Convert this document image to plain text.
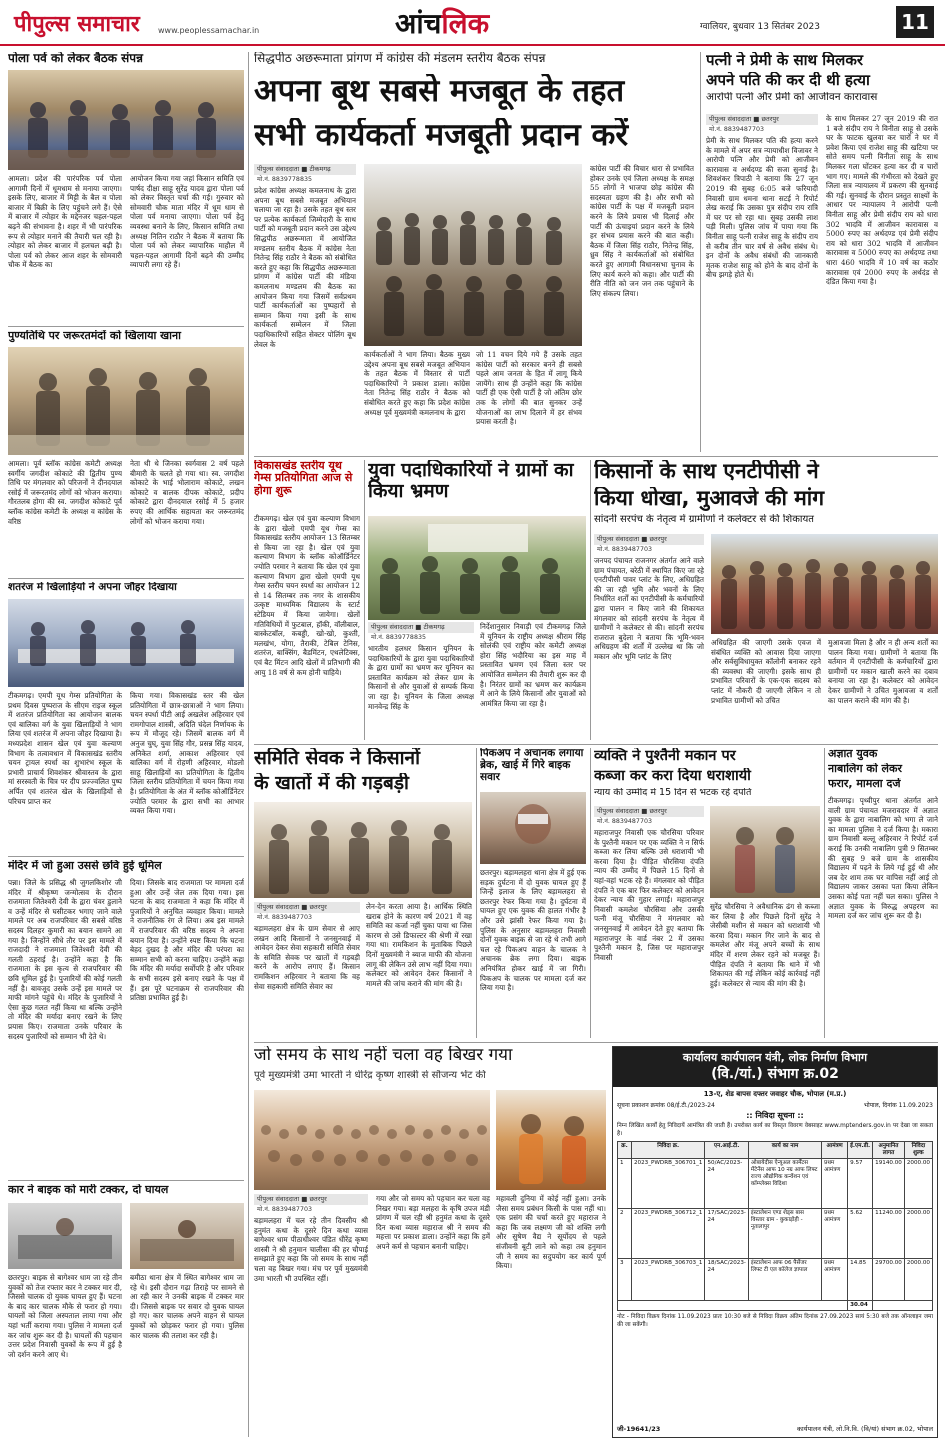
पीपुल्स समाचार www.peoplessamachar.in	आंचलिक	ग्वालियर, बुधवार 13 सितंबर 2023	11
पोला पर्व को लेकर बैठक संपन्न
आमला। प्रदेश की पारंपरिक पर्व पोला आगामी दिनों में धूमधाम से मनाया जाएगा। इसके लिए, बाजार में मिट्टी के बैल व पोला बाजार में बिक्री के लिए पहुंचने लगे हैं। ऐसे में बाजार में त्योहार के मद्देनजर चहल-पहल बढ़ने की संभावना है। शहर में भी पारंपरिक रूप से त्योहार मनाने की तैयारी चल रही है। त्योहार को लेकर बाजार में हलचल बढ़ी है। पोला पर्व को लेकर आज शहर के सोमवारी चौक में बैठक का
आयोजन किया गया जहां किसान समिति एवं पार्षद दीक्षा साहू सुरेंद्र यादव द्वारा पोला पर्व को लेकर विस्तृत चर्चा की गई। गुरुवार को सोमवारी चौक माता मंदिर में धूम धाम से पोला पर्व मनाया जाएगा। पोला पर्व हेतु व्यवस्था बनाने के लिए, किसान समिति तथा अध्यक्ष नितिन राठौर ने बैठक में बताया कि पोला पर्व को लेकर व्यापारिक माहौल में चहल-पहल आगामी दिनों बढ़ने की उम्मीद व्यापारी लगा रहे हैं।
पुण्यतिथि पर जरूरतमंदों को खिलाया खाना
आमला। पूर्व ब्लॉक कांग्रेस कमेटी अध्यक्ष स्वर्गीय जगदीश कोकाटे की द्वितीय पुण्य तिथि पर मंगलवार को परिजनों ने दीनदयाल रसोई में जरूरतमंद लोगों को भोजन कराया। गौरतलब होगा की स्व. जगदीश कोकाटे पूर्व ब्लॉक कांग्रेस कमेटी के अध्यक्ष व कांग्रेस के वरिष्ठ
नेता थी थे जिनका स्वर्गवास 2 वर्ष पहले बीमारी के चलते हो गया था। स्व. जगदीश कोकाटे के भाई भोलाराम कोकाटे, लखन कोकाटे व बालक दीपक कोकाटे, प्रदीप कोकाटे द्वारा दीनदयाल रसोई में 5 हजार रुपए की आर्थिक सहायता कर जरूरतमंद लोगों को भोजन कराया गया।
शतरंज में खिलाड़ियों ने अपना जौहर दिखाया
टीकमगढ़। एमपी यूथ गेम्स प्रतियोगिता के प्रथम दिवस पुष्पराज के सीएम राइज स्कूल में शतरंज प्रतियोगिता का आयोजन बालक एवं बालिका वर्ग के युवा खिलाड़ियों ने भाग लिया एवं शतरंज में अपना जौहर दिखाया है। मध्यप्रदेश शासन खेल एवं युवा कल्याण विभाग के तत्वावधान में विकासखंड स्तरीय चयन ट्रायल स्पर्धा का शुभारंभ स्कूल के प्रभारी प्राचार्य शिवशंकर श्रीवास्तव के द्वारा मां सरस्वती के चित्र पर दीप प्रज्ज्वलित पुष्प अर्पित एवं शतरंज खेल के खिलाड़ियों से परिचय प्राप्त कर
किया गया। विकासखंड स्तर की खेल प्रतियोगिता में छात्र-छात्राओं ने भाग लिया। चयन स्पर्धा पीटी आई अखलेश अहिरवार एवं रामगोपाल शास्त्री, अदिति चंदेल निर्णायक के रूप में मौजूद रहे। जिसमें बालक वर्ग में अनुज चुघ्, युवा सिंह गौर, प्रसन्न सिंह यादव, अनिकेत शर्मा, आकाश अहिरवार एवं बालिका वर्ग में रोहणी अहिरवार, मोडलो साहू खिलाड़ियों का प्रतियोगिता के द्वितीय जिला स्तरीय प्रतियोगिता में चयन किया गया है। प्रतियोगिता के अंत में ब्लॉक कोऑर्डिनेटर ज्योति परमार के द्वारा सभी का आभार व्यक्त किया गया।
मंदिर में जो हुआ उससे छवि हुई धूमिल
पन्ना। जिले के प्रसिद्ध श्री जुगलकिशोर जी मंदिर में श्रीकृष्ण जन्मोत्सव के दौरान राजमाता जितेश्वरी देवी के द्वारा चंवर डुलाने व उन्हें मंदिर से घसीटकर भगाए जाने वाले मामले पर अब राजपरिवार की सबसे वरिष्ठ सदस्य दिलहर कुमारी का बयान सामने आ गया है। जिन्होंने सीधे तौर पर इस मामले में राजदादी ने राजमाता जितेश्वरी देवी की गलती ठहराई है। उन्होंने कहा है कि राजमाता के इस कृत्य से राजपरिवार की छवि धूमिल हुई है। पुजारियों की कोई गलती नहीं है। बावजूद उसके उन्हें इस मामले पर माफी मांगने पहुंचे थे। मंदिर के पुजारियों ने ऐसा कुछ गलत नहीं किया था बल्कि उन्होंने तो मंदिर की मर्यादा बनाए रखने के लिए प्रयास किए। राजमाता उनके परिवार के सदस्य पुजारियों को सम्मान भी देते थे।
दिया। जिसके बाद राजमाता पर मामला दर्ज हुआ और उन्हें जेल तक दिया गया। इस घटना के बाद राजमाता ने कहा कि मंदिर में पुजारियों ने अनुचित व्यवहार किया। मामले ने राजनीतिक रंग ले लिया। अब इस मामले में राजपरिवार की वरिष्ठ सदस्य ने अपना बयान दिया है। उन्होंने स्पष्ट किया कि घटना बेहद दुखद है और मंदिर की परंपरा का सम्मान सभी को करना चाहिए। उन्होंने कहा कि मंदिर की मर्यादा सर्वोपरि है और परिवार के सभी सदस्य इसे बनाए रखने के पक्ष में हैं। इस पूरे घटनाक्रम से राजपरिवार की प्रतिष्ठा प्रभावित हुई है।
कार ने बाइक को मारी टक्कर, दो घायल
छतरपुर। बाइक से बागेश्वर धाम जा रहे तीन युवकों को तेज रफ्तार कार ने टक्कर मार दी, जिससे चालक दो युवक घायल हुए हैं। घटना के बाद कार चालक मौके से फरार हो गया। घायलों को जिला अस्पताल लाया गया और यहां भर्ती कराया गया। पुलिस ने मामला दर्ज कर जांच शुरू कर दी है। घायलों की पहचान उत्तर प्रदेश निवासी युवकों के रूप में हुई है जो दर्शन करने आए थे।
बमीठा थाना क्षेत्र में स्थित बागेश्वर धाम जा रहे थे। इसी दौरान गढ़ा तिराहे पर सामने से आ रही कार ने उनकी बाइक में टक्कर मार दी। जिससे बाइक पर सवार दो युवक घायल हो गए। कार चालक अपने वाहन से घायल युवकों को छोड़कर फरार हो गया। पुलिस कार चालक की तलाश कर रही है।
सिद्धपीठ अछरूमाता प्रांगण में कांग्रेस की मंडलम स्तरीय बैठक संपन्न
अपना बूथ सबसे मजबूत के तहत
सभी कार्यकर्ता मजबूती प्रदान करें
पीपुल्स संवाददाता ■ टीकमगढ़
मो.नं. 8839778835
प्रदेश कांग्रेस अध्यक्ष कमलनाथ के द्वारा अपना बूथ सबसे मजबूत अभियान चलाया जा रहा है। उसके तहत बूथ स्तर पर प्रत्येक कार्यकर्ता जिम्मेदारी के साथ पार्टी को मजबूती प्रदान करने उस उद्देश्य सिद्धपीठ अछरूमाता में आयोजित मण्डलम स्तरीय बैठक में कांग्रेस नेता नितेन्द्र सिंह राठौर ने बैठक को संबोधित करते हुए कहा कि सिद्धपीठ अछरूमाता प्रांगण में कांग्रेस पार्टी की मंडिया कमलनाथ मण्डलम की बैठक का आयोजन किया गया जिसमें सर्वप्रथम पार्टी कार्यकर्ताओं का पुष्पहारों से सम्मान किया गया इसी के साथ कार्यकर्ता सम्मेलन में जिला पदाधिकारियों सहित सेक्टर पोलिंग बूथ लेवल के
कार्यकर्ताओं ने भाग लिया। बैठक मुख्य उद्देश्य अपना बूथ सबसे मजबूत अभियान के तहत बैठक में विस्तार से पार्टी पदाधिकारियों ने प्रकाश डाला। कांग्रेस नेता नितेन्द्र सिंह राठौर ने बैठक को संबोधित करते हुए कहा कि प्रदेश कांग्रेस अध्यक्ष पूर्व मुख्यमंत्री कमलनाथ के द्वारा
जो 11 वचन दिये गये हैं उसके तहत कांग्रेस पार्टी को सरकार बनने ही सबसे पहले आम जनता के हित में लागू किये जायेंगे। साथ ही उन्होंने कहा कि कांग्रेस पार्टी ही एक ऐसी पार्टी है जो अंतिम छोर तक के लोगों की बात सुनकर उन्हें योजनाओं का लाभ दिलाने में हर संभव प्रयास करती है।
कांग्रेस पार्टी की विचार धारा से प्रभावित होकर उनके एवं जिला अध्यक्ष के समक्ष 55 लोगों ने भाजपा छोड़ कांग्रेस की सदस्यता ग्रहण की है। और सभी को कांग्रेस पार्टी के पक्ष में मजबूती प्रदान करने के लिये प्रयास भी दिलाई और पार्टी की ऊंचाइयां प्रदान करने के लिये हर संभव प्रयास करने की बात कही। बैठक में जिला सिंह राठौर, नितेन्द्र सिंह, ध्रुव सिंह ने कार्यकर्ताओं को संबोधित करते हुए आगामी विधानसभा चुनाव के लिए कार्य करने को कहा। और पार्टी की रीति नीति को जन जन तक पहुंचाने के लिए संकल्प लिया।
पत्नी ने प्रेमी के साथ मिलकर
अपने पति की कर दी थी हत्या
आरोपी पत्नी और प्रेमी को आजीवन कारावास
पीपुल्स संवाददाता ■ छतरपुर
मो.नं. 8839487703
प्रेमी के साथ मिलकर पति की हत्या करने के मामले में अपर सत्र न्यायाधीश विजावर ने आरोपी पत्नि और प्रेमी को आजीवन कारावास व अर्थदण्ड की सजा सुनाई है। शिवशंकर त्रिपाठी ने बताया कि 27 जून 2019 की सुबह 6:05 बजे फरियादी निवासी ग्राम धमना थाना सटई ने रिपोर्ट लेख कराई कि उसका पुत्र संदीप राय रात्रि में घर पर सो रहा था। सुबह उसकी लाश पड़ी मिली। पुलिस जांच में पाया गया कि विनीता साहू पत्नी राजेश साहू के संदीप राय से करीब तीन चार वर्ष से अवैध संबंध थे। इन दोनों के अवैध संबंधों की जानकारी मृतक राजेश साहू को होने के बाद दोनों के बीच झगड़े होते थे।
के साथ मिलकर 27 जून 2019 की रात 1 बजे संदीप राय ने विनीता साहू से उसके घर के फाटक खुलवा कर चारों ने घर में प्रवेश किया एवं राजेश साहू की खटिया पर सोते समय पत्नी विनीता साहू के साथ मिलकर गला घोंटकर हत्या कर दी व चारों भाग गए। मामले की गंभीरता को देखते हुए जिला सत्र न्यायालय में प्रकरण की सुनवाई की गई। सुनवाई के दौरान प्रस्तुत साक्ष्यों के आधार पर न्यायालय ने आरोपी पत्नी विनीता साहू और प्रेमी संदीप राय को धारा 302 भादवि में आजीवन कारावास व 5000 रुपए का अर्थदण्ड एवं प्रेमी संदीप राय को धारा 302 भादवि में आजीवन कारावास व 5000 रुपए का अर्थदण्ड तथा धारा 460 भादवि में 10 वर्ष का कठोर कारावास एवं 2000 रुपए के अर्थदंड से दंडित किया गया है।
विकासखंड स्तरीय यूथ गेम्स प्रतियोगिता आज से होगा शुरू
टीकमगढ़। खेल एवं युवा कल्याण विभाग के द्वारा खेलो एमपी यूथ गेम्स का विकासखंड स्तरीय आयोजन 13 सितम्बर से किया जा रहा है। खेल एवं युवा कल्याण विभाग के ब्लॉक कोऑर्डिनेटर ज्योति परमार ने बताया कि खेल एवं युवा कल्याण विभाग द्वारा खेलो एमपी यूथ गेम्स स्तरीय चयन स्पर्धा का आयोजन 12 से 14 सितम्बर तक नगर के शासकीय उत्कृष्ट माध्यमिक विद्यालय के स्टार्ट स्टेडियम में किया जायेगा। खेलों गतिविधियों में फुटबाल, हॉकी, वॉलीबाल, बास्केटबॉल, कबड्डी, खो-खो, कुश्ती, मलखंभ, योगा, तैराकी, टेबिल टेनिस, शतरंज, बाक्सिंग, बैडमिंटन, एथलेटिक्स, एवं बैट मिंटन आदि खेलों में प्रतिभागी की आयु 18 वर्ष से कम होनी चाहिये।
युवा पदाधिकारियों ने ग्रामों का किया भ्रमण
पीपुल्स संवाददाता ■ टीकमगढ़
मो.नं. 8839778835
भारतीय हलधर किसान यूनियन के पदाधिकारियों के द्वारा युवा पदाधिकारियों के द्वारा ग्रामों का भ्रमण कर यूनियन का प्रस्तावित कार्यक्रम को लेकर ग्राम के किसानों से और युवाओं से सम्पर्क किया जा रहा है। यूनियन के जिला अध्यक्ष मानवेन्द्र सिंह के
निर्देशानुसार निवाड़ी एवं टीकमगढ़ जिले में यूनियन के राष्ट्रीय अध्यक्ष श्रीराम सिंह सोलंकी एवं राष्ट्रीय कोर कमेटी अध्यक्ष होरा सिंह भदौरिया का इस माह में प्रस्तावित भ्रमण एवं जिला स्तर पर आयोजित सम्मेलन की तैयारी शुरू कर दी है। निरंतर ग्रामों का भ्रमण कर कार्यक्रम में आने के लिये किसानों और युवाओं को आमंत्रित किया जा रहा है।
किसानों के साथ एनटीपीसी ने
किया धोखा, मुआवजे की मांग
सांदनी सरपंच के नेतृत्व में ग्रामीणों ने कलेक्टर से की शिकायत
पीपुल्स संवाददाता ■ छतरपुर
मो.नं. 8839487703
जनपद पंचायत राजनगर अंतर्गत आने वाले ग्राम पंचायत, बरेठी में स्थापित किए जा रहे एनटीपीसी पावर प्लांट के लिए, अधिग्रहित की जा रही भूमि और भवनों के लिए निर्धारित शर्तों का एनटीपीसी के कर्मचारियों द्वारा पालन न किए जाने की शिकायत मंगलवार को सांदनी सरपंच के नेतृत्व में ग्रामीणों ने कलेक्टर से की। सांदनी सरपंच राजराज बुदेला ने बताया कि भूमि-भवन अधिग्रहण की शर्तों में उल्लेख था कि जो मकान और भूमि प्लांट के लिए
अधिग्रहित की जाएगी उसके एवज में संबंधित व्यक्ति को आवास दिया जाएगा और सर्वसुविधायुक्त कॉलोनी बनाकर रहने की व्यवस्था की जाएगी। इसके साथ ही प्रभावित परिवारों के एक-एक सदस्य को प्लांट में नौकरी दी जाएगी लेकिन न तो प्रभावित ग्रामीणों को उचित
मुआवजा मिला है और न ही अन्य शर्तों का पालन किया गया। ग्रामीणों ने बताया कि वर्तमान में एनटीपीसी के कर्मचारियों द्वारा ग्रामीणों पर मकान खाली करने का दबाव बनाया जा रहा है। कलेक्टर को आवेदन देकर ग्रामीणों ने उचित मुआवजा व शर्तों का पालन कराने की मांग की है।
समिति सेवक ने किसानों
के खातों में की गड़बड़ी
पीपुल्स संवाददाता ■ छतरपुर
मो.नं. 8839487703
बड़ामलहरा क्षेत्र के ग्राम सेवार से आए लखन आदि किसानों ने जनसुनवाई में आवेदन देकर सेवा सहकारी समिति सेवार के समिति सेवक पर खातों में गड़बड़ी करने के आरोप लगाए हैं। किसान रामकिशन अहिरवार ने बताया कि वह सेवा सहकारी समिति सेवार का
लेन-देन करता आया है। आर्थिक स्थिति खराब होने के कारण वर्ष 2021 में वह समिति का कर्जा नहीं चुका पाया था जिस कारण से उसे डिफाल्टर की श्रेणी में रखा गया था। रामकिशन के मुताबिक पिछले दिनों मुख्यमंत्री ने ब्याज माफी की योजना लागू की लेकिन उसे लाभ नहीं दिया गया। कलेक्टर को आवेदन देकर किसानों ने मामले की जांच कराने की मांग की है।
पिकअप ने अचानक लगाया ब्रेक, खाई में गिरे बाइक सवार
छतरपुर। बड़ामलहरा थाना क्षेत्र में हुई एक सड़क दुर्घटना में दो युवक घायल हुए हैं जिन्हें इलाज के लिए बड़ामलहरा से छतरपुर रेफर किया गया है। दुर्घटना में घायल हुए एक युवक की हालत गंभीर है और उसे झांसी रेफर किया गया है। पुलिस के अनुसार बड़ामलहरा निवासी दोनों युवक बाइक से जा रहे थे तभी आगे चल रहे पिकअप वाहन के चालक ने अचानक ब्रेक लगा दिया। बाइक अनियंत्रित होकर खाई में जा गिरी। पिकअप के चालक पर मामला दर्ज कर लिया गया है।
व्यक्ति ने पुश्तैनी मकान पर
कब्जा कर करा दिया धराशायी
न्याय की उम्मीद में 15 दिन से भटक रहे दंपति
पीपुल्स संवाददाता ■ छतरपुर
मो.नं. 8839487703
महाराजपुर निवासी एक चौरसिया परिवार के पुश्तैनी मकान पर एक व्यक्ति ने न सिर्फ कब्जा कर लिया बल्कि उसे धराशायी भी करवा दिया है। पीड़ित चौरसिया दंपति न्याय की उम्मीद में पिछले 15 दिनों से यहां-वहां भटक रहे हैं। मंगलवार को पीड़ित दंपति ने एक बार फिर कलेक्टर को आवेदन देकर न्याय की गुहार लगाई। महाराजपुर निवासी कमलेश चौरसिया और उसकी पत्नी मंजू चौरसिया ने मंगलवार को जनसुनवाई में आवेदन देते हुए बताया कि महाराजपुर के वार्ड नंबर 2 में उसका पुश्तैनी मकान है, जिस पर महाराजपुर निवासी
सुरेंद्र चौरसिया ने अवैधानिक ढंग से कब्जा कर लिया है और पिछले दिनों सुरेंद्र ने जेसीबी मशीन से मकान को धराशायी भी करवा दिया। मकान गिर जाने के बाद से कमलेश और मंजू अपने बच्चों के साथ मंदिर में शरण लेकर रहने को मजबूर हैं। पीड़ित दंपति ने बताया कि थाने में भी शिकायत की गई लेकिन कोई कार्रवाई नहीं हुई। कलेक्टर से न्याय की मांग की है।
अज्ञात युवक
नाबालिग को लेकर
फरार, मामला दर्ज
टीकमगढ़। पृथ्वीपुर थाना अंतर्गत आने वाली ग्राम पंचायत मजरावदार में अज्ञात युवक के द्वारा नाबालिग को भगा ले जाने का मामला पुलिस ने दर्ज किया है। मकारा ग्राम निवासी बल्लू अहिरवार ने रिपोर्ट दर्ज कराई कि उनकी नाबालिग पुत्री 9 सितम्बर की सुबह 9 बजे ग्राम के शासकीय विद्यालय में पढ़ने के लिये गई हुई थी और जब देर शाम तक घर वापिस नहीं आई तो विद्यालय जाकर उसका पता किया लेकिन उसका कोई पता नहीं चल सका। पुलिस ने अज्ञात युवक के विरुद्ध अपहरण का मामला दर्ज कर जांच शुरू कर दी है।
जो समय के साथ नहीं चला वह बिखर गया
पूर्व मुख्यमंत्री उमा भारती ने धीरेंद्र कृष्ण शास्त्री से सौजन्य भेंट की
पीपुल्स संवाददाता ■ छतरपुर
मो.नं. 8839487703
बड़ामलहरा में चल रहे तीन दिवसीय श्री हनुमंत कथा के दूसरे दिन कथा व्यास बागेश्वर धाम पीठाधीश्वर पंडित धीरेंद्र कृष्ण शास्त्री ने श्री हनुमान चालीसा की हर चौपाई समझाते हुए कहा कि जो समय के साथ नहीं चला वह बिखर गया। मंच पर पूर्व मुख्यमंत्री उमा भारती भी उपस्थित रहीं।
गया और जो समय को पहचान कर चला वह निखर गया। बड़ा मलहरा के कृषि उपज मंडी प्रांगण में चल रही श्री हनुमंत कथा के दूसरे दिन कथा व्यास महाराज श्री ने समय की महत्ता पर प्रकाश डाला। उन्होंने कहा कि हमें अपने कर्म से पहचान बनानी चाहिए।
महावली दुनिया में कोई नहीं हुआ। उनके जैसा समय प्रबंधन किसी के पास नहीं था। एक प्रसंग की चर्चा करते हुए महाराज ने कहा कि जब लक्ष्मण जी को शक्ति लगी और सुषेण वैद्य ने सूर्योदय से पहले संजीवनी बूटी लाने को कहा तब हनुमान जी ने समय का सदुपयोग कर कार्य पूर्ण किया।
कार्यालय कार्यपालन यंत्री, लोक निर्माण विभाग
(वि./यां.) संभाग क्र.02
13-ए, शेड बापस दफ्तर जवाहर चौक, भोपाल (म.प्र.)
सूचना प्रकाशन क्रमांक 08/ई.टी./2023-24	भोपाल, दिनांक 11.09.2023
:: निविदा सूचना ::
निम्न लिखित कार्यों हेतु निविदायें आमंत्रित की जाती हैं। उपरोक्त कार्य का विस्तृत विवरण वेबसाइट www.mptenders.gov.in पर देखा जा सकता है।
क्र.	निविदा क्र.	एन.आई.टी.	कार्य का नाम	आमंत्रण	ई.एम.डी.	अनुमानित लागत	निविदा शुल्क
1	2023_PWDRB_306701_1	50/AC/2023-24	ओबायेदीस ऐन्यूअल कार्मेंटस मेंटेनेंस आफ 10 नग्र आफ लिफ्ट राज्य औद्योगिक कन्वेंशन एवं कॉम्प्लेक्स विदिशा	प्रथम आमंत्रण	9.57	19140.00	2000.00
2	2023_PWDRB_306712_1	17/SAC/2023-24	इंस्टालेशन एण्ड शेड्स बास विस्तार ग्राम - कुकाड़ोही - नूतालापुर	प्रथम आमंत्रण	5.62	11240.00	2000.00
3	2023_PWDRB_306703_1	18/SAC/2023-24	इंस्टालेशन आफ 06 पैसेंजर लिफ्ट टी एल कॉलेज ज्ञापाल	प्रथम आमंत्रण	14.85	29700.00	2000.00
					30.04		
नोट - निविदा विक्रय दिनांक 11.09.2023 प्रातः 10:30 बजे से निविदा विक्रय अंतिम दिनांक 27.09.2023 सायं 5:30 बजे तक ऑनलाइन जमा की जा सकेंगी।
जी-19641/23	कार्यपालन यंत्री, लो.नि.वि. (वि/यां) संभाग क्र.02, भोपाल
